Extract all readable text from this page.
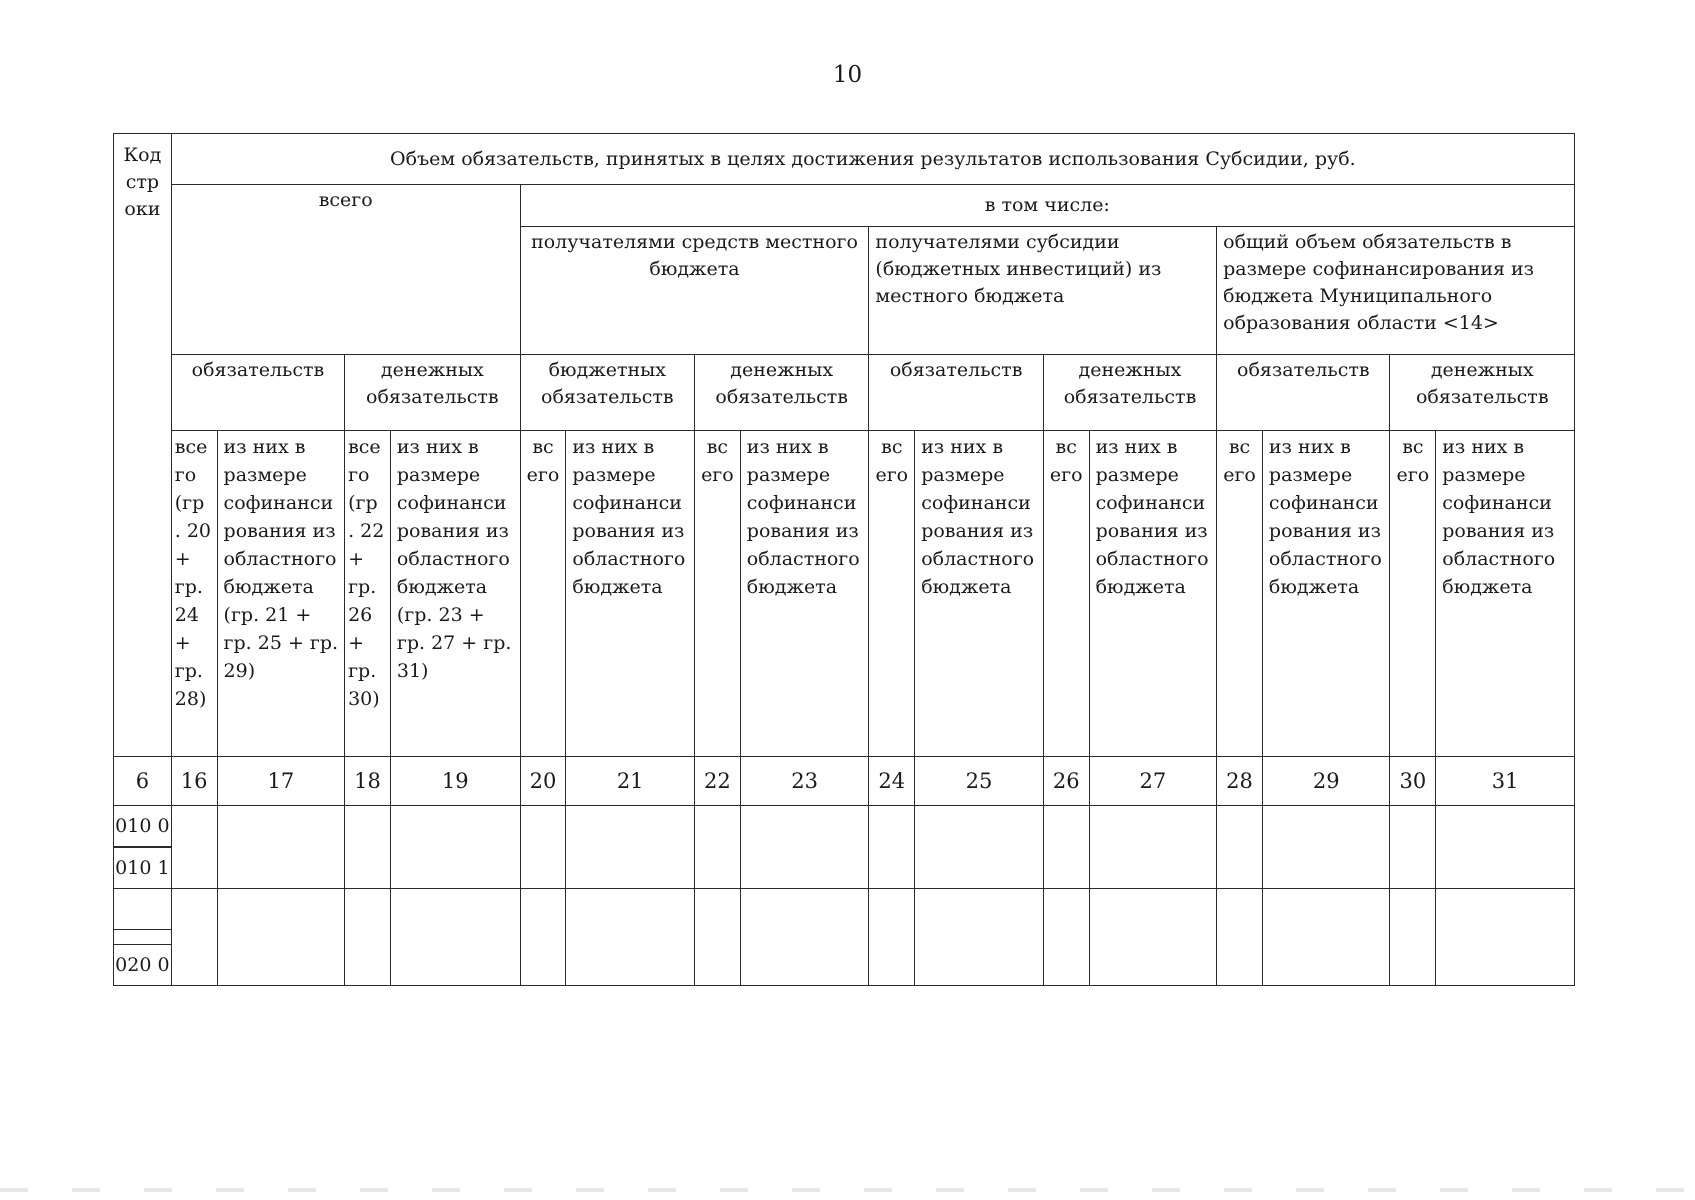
10
Код стр оки	Объем обязательств, принятых в целях достижения результатов использования Субсидии, руб.															
	всего				в том числе:											
					получателями средств местного бюджета				получателями субсидии (бюджетных инвестиций) из местного бюджета				общий объем обязательств в размере софинансирования из бюджета Муниципального образования области <14>			
	обязательств		денежных обязательств		бюджетных обязательств		денежных обязательств		обязательств		денежных обязательств		обязательств		денежных обязательств	
	все го (гр . 20 + гр. 24 + гр. 28)	из них в размере софинанси рования из областного бюджета (гр. 21 + гр. 25 + гр. 29)	все го (гр . 22 + гр. 26 + гр. 30)	из них в размере софинанси рования из областного бюджета (гр. 23 + гр. 27 + гр. 31)	вс его	из них в размере софинанси рования из областного бюджета	вс его	из них в размере софинанси рования из областного бюджета	вс его	из них в размере софинанси рования из областного бюджета	вс его	из них в размере софинанси рования из областного бюджета	вс его	из них в размере софинанси рования из областного бюджета	вс его	из них в размере софинанси рования из областного бюджета
6	16	17	18	19	20	21	22	23	24	25	26	27	28	29	30	31

010 0
010 1																

020 0																
